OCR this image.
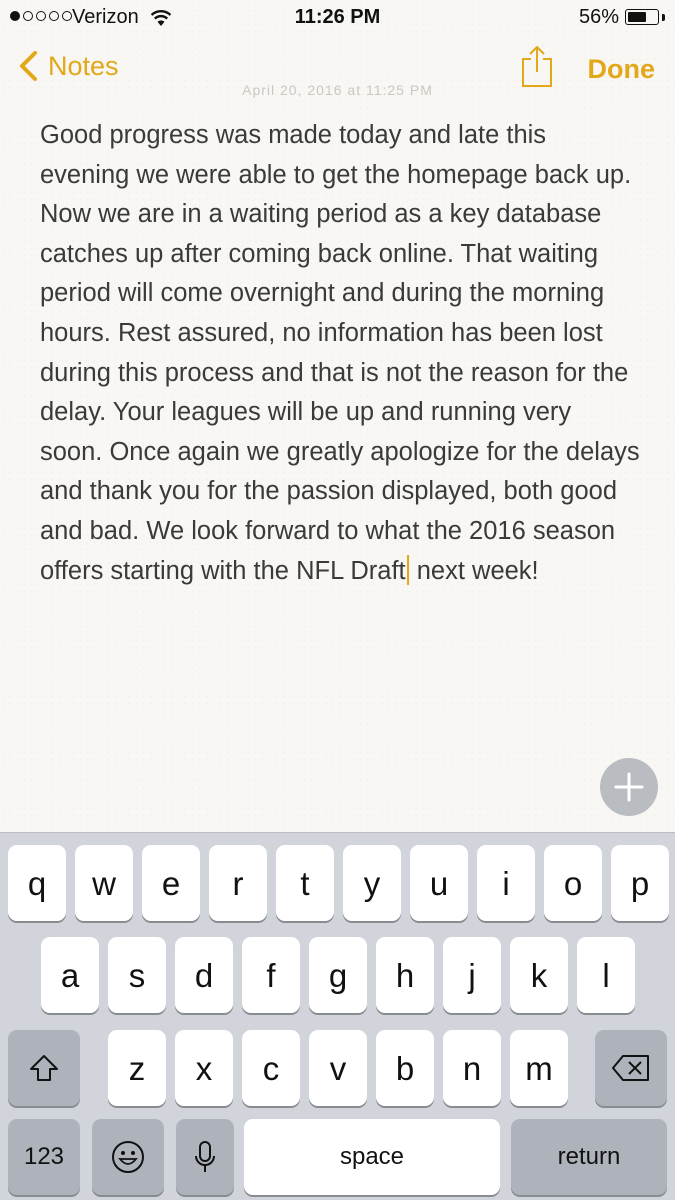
Verizon	11:26 PM	56%
Notes	Done
April 20, 2016 at 11:25 PM
Good progress was made today and late this evening we were able to get the homepage back up. Now we are in a waiting period as a key database catches up after coming back online. That waiting period will come overnight and during the morning hours. Rest assured, no information has been lost during this process and that is not the reason for the delay. Your leagues will be up and running very soon. Once again we greatly apologize for the delays and thank you for the passion displayed, both good and bad. We look forward to what the 2016 season offers starting with the NFL Draft next week!
q w e r t y u i o p
a s d f g h j k l
z x c v b n m
123	space	return
